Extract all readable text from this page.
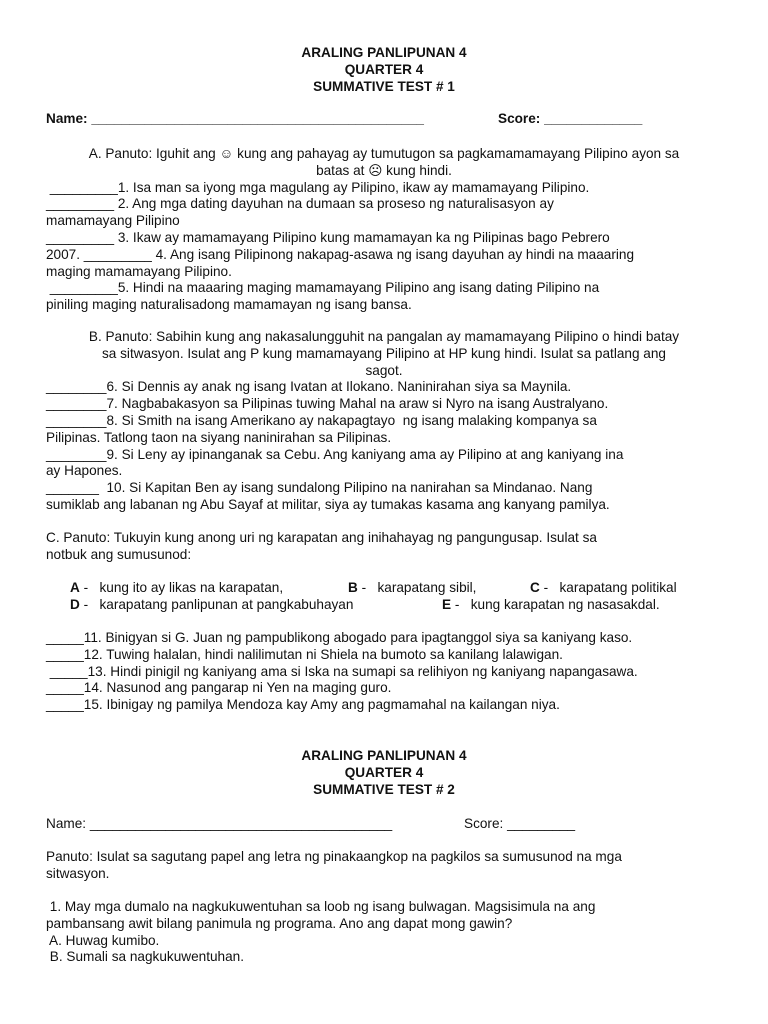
ARALING PANLIPUNAN 4

QUARTER 4

SUMMATIVE TEST # 1

Name: ____________________________________________	Score: _____________

A. Panuto: Iguhit ang ☺ kung ang pahayag ay tumutugon sa pagkamamamayang Pilipino ayon sa

batas at ☹ kung hindi.

_________1. Isa man sa iyong mga magulang ay Pilipino, ikaw ay mamamayang Pilipino.

_________ 2. Ang mga dating dayuhan na dumaan sa proseso ng naturalisasyon ay

mamamayang Pilipino

_________ 3. Ikaw ay mamamayang Pilipino kung mamamayan ka ng Pilipinas bago Pebrero

2007. _________ 4. Ang isang Pilipinong nakapag-asawa ng isang dayuhan ay hindi na maaaring

maging mamamayang Pilipino.

_________5. Hindi na maaaring maging mamamayang Pilipino ang isang dating Pilipino na

piniling maging naturalisadong mamamayan ng isang bansa.

B. Panuto: Sabihin kung ang nakasalungguhit na pangalan ay mamamayang Pilipino o hindi batay

sa sitwasyon. Isulat ang P kung mamamayang Pilipino at HP kung hindi. Isulat sa patlang ang

sagot.

________6. Si Dennis ay anak ng isang Ivatan at Ilokano. Naninirahan siya sa Maynila.

________7. Nagbabakasyon sa Pilipinas tuwing Mahal na araw si Nyro na isang Australyano.

________8. Si Smith na isang Amerikano ay nakapagtayo  ng isang malaking kompanya sa

Pilipinas. Tatlong taon na siyang naninirahan sa Pilipinas.

________9. Si Leny ay ipinanganak sa Cebu. Ang kaniyang ama ay Pilipino at ang kaniyang ina

ay Hapones.

_______  10. Si Kapitan Ben ay isang sundalong Pilipino na nanirahan sa Mindanao. Nang

sumiklab ang labanan ng Abu Sayaf at militar, siya ay tumakas kasama ang kanyang pamilya.

C. Panuto: Tukuyin kung anong uri ng karapatan ang inihahayag ng pangungusap. Isulat sa

notbuk ang sumusunod:

A -   kung ito ay likas na karapatan,	B -   karapatang sibil,	C -   karapatang politikal
D -   karapatang panlipunan at pangkabuhayan	E -   kung karapatan ng nasasakdal.

_____11. Binigyan si G. Juan ng pampublikong abogado para ipagtanggol siya sa kaniyang kaso.

_____12. Tuwing halalan, hindi nalilimutan ni Shiela na bumoto sa kanilang lalawigan.

_____13. Hindi pinigil ng kaniyang ama si Iska na sumapi sa relihiyon ng kaniyang napangasawa.

_____14. Nasunod ang pangarap ni Yen na maging guro.

_____15. Ibinigay ng pamilya Mendoza kay Amy ang pagmamahal na kailangan niya.

ARALING PANLIPUNAN 4

QUARTER 4

SUMMATIVE TEST # 2

Name: ________________________________________	Score: _________

Panuto: Isulat sa sagutang papel ang letra ng pinakaangkop na pagkilos sa sumusunod na mga

sitwasyon.

1. May mga dumalo na nagkukuwentuhan sa loob ng isang bulwagan. Magsisimula na ang

pambansang awit bilang panimula ng programa. Ano ang dapat mong gawin?

A. Huwag kumibo.

B. Sumali sa nagkukuwentuhan.
